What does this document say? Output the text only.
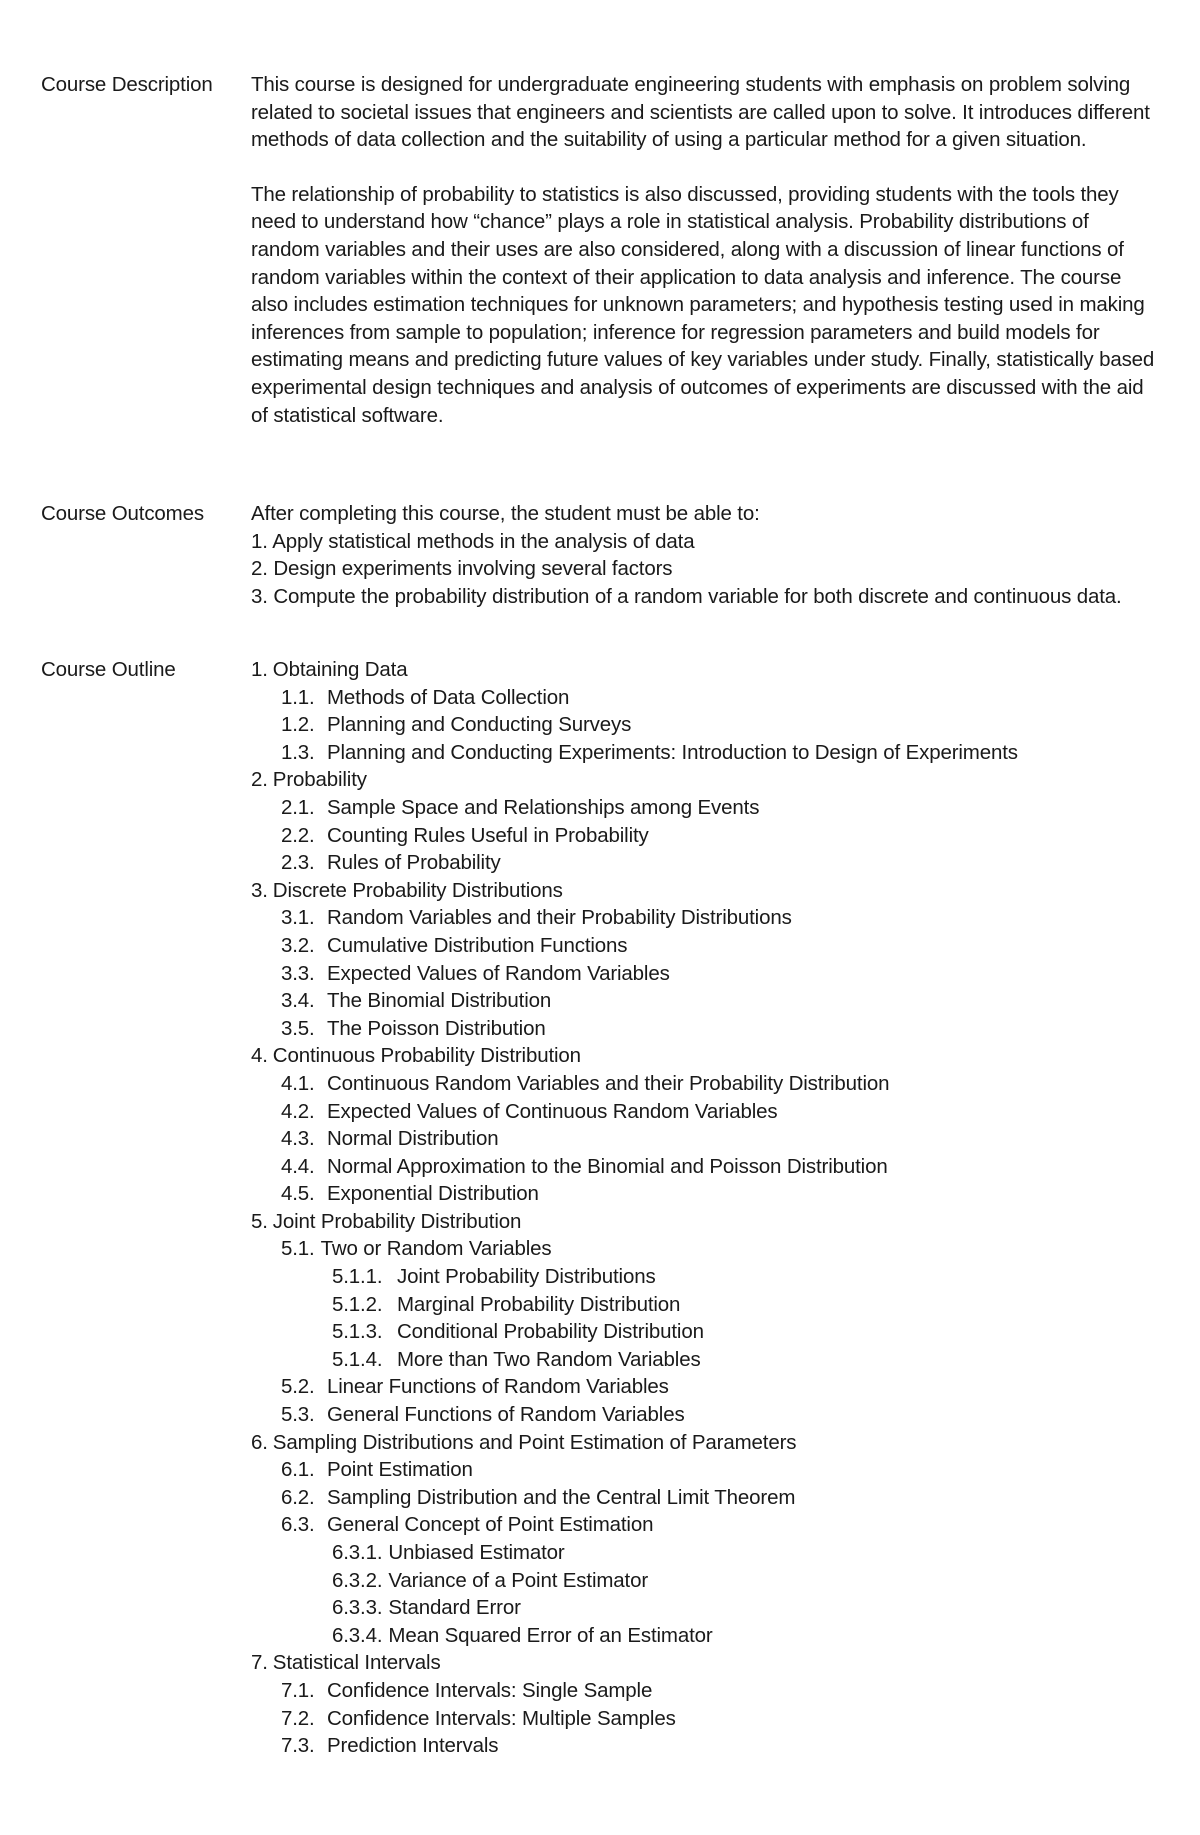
Course Description This course is designed for undergraduate engineering students with emphasis on problem solving related to societal issues that engineers and scientists are called upon to solve. It introduces different methods of data collection and the suitability of using a particular method for a given situation.

The relationship of probability to statistics is also discussed, providing students with the tools they need to understand how “chance” plays a role in statistical analysis. Probability distributions of random variables and their uses are also considered, along with a discussion of linear functions of random variables within the context of their application to data analysis and inference. The course also includes estimation techniques for unknown parameters; and hypothesis testing used in making inferences from sample to population; inference for regression parameters and build models for estimating means and predicting future values of key variables under study. Finally, statistically based experimental design techniques and analysis of outcomes of experiments are discussed with the aid of statistical software.

Course Outcomes After completing this course, the student must be able to:

1. Apply statistical methods in the analysis of data

2. Design experiments involving several factors

3. Compute the probability distribution of a random variable for both discrete and continuous data.

Course Outline	1. Obtaining Data
1.1. Methods of Data Collection
1.2. Planning and Conducting Surveys
1.3. Planning and Conducting Experiments: Introduction to Design of Experiments
2. Probability
2.1. Sample Space and Relationships among Events
2.2. Counting Rules Useful in Probability
2.3. Rules of Probability
3. Discrete Probability Distributions
3.1. Random Variables and their Probability Distributions
3.2. Cumulative Distribution Functions
3.3. Expected Values of Random Variables
3.4. The Binomial Distribution
3.5. The Poisson Distribution
4. Continuous Probability Distribution
4.1. Continuous Random Variables and their Probability Distribution
4.2. Expected Values of Continuous Random Variables
4.3. Normal Distribution
4.4. Normal Approximation to the Binomial and Poisson Distribution
4.5. Exponential Distribution
5. Joint Probability Distribution
5.1. Two or Random Variables
5.1.1. Joint Probability Distributions
5.1.2. Marginal Probability Distribution
5.1.3. Conditional Probability Distribution
5.1.4. More than Two Random Variables
5.2. Linear Functions of Random Variables
5.3. General Functions of Random Variables
6. Sampling Distributions and Point Estimation of Parameters
6.1. Point Estimation
6.2. Sampling Distribution and the Central Limit Theorem
6.3. General Concept of Point Estimation
6.3.1. Unbiased Estimator
6.3.2. Variance of a Point Estimator
6.3.3. Standard Error
6.3.4. Mean Squared Error of an Estimator
7. Statistical Intervals
7.1. Confidence Intervals: Single Sample
7.2. Confidence Intervals: Multiple Samples
7.3. Prediction Intervals
